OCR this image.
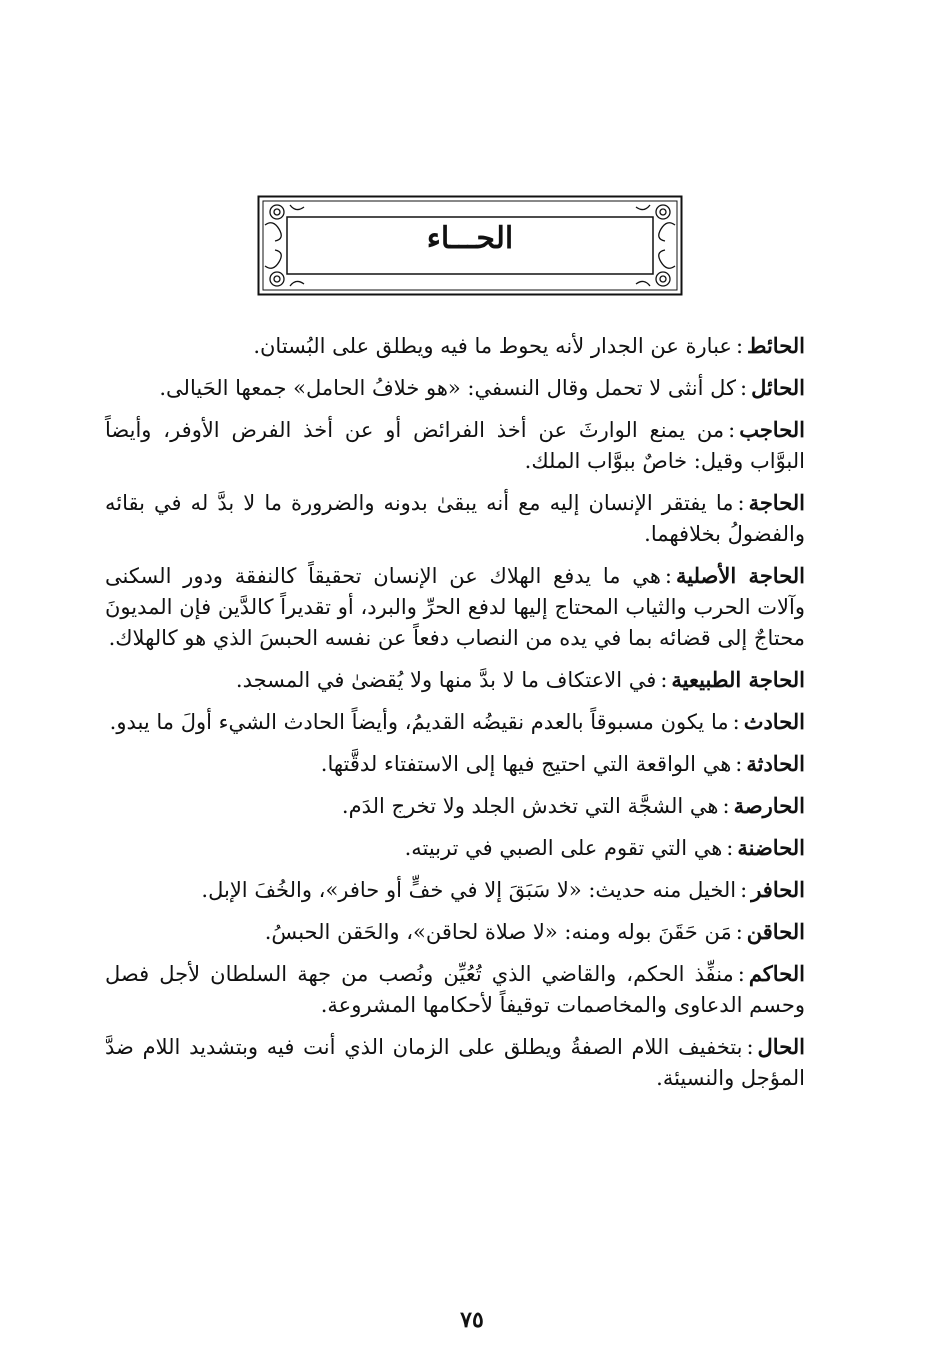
الحـــاء

الحائط:عبارة عن الجدار لأنه يحوط ما فيه ويطلق على البُستان.

الحائل:كل أنثى لا تحمل وقال النسفي: «هو خلافُ الحامل» جمعها الحَيالى.

الحاجب:من يمنع الوارثَ عن أخذ الفرائض أو عن أخذ الفرض الأوفر، وأيضاً البوَّاب وقيل: خاصٌ ببوَّاب الملك.

الحاجة:ما يفتقر الإنسان إليه مع أنه يبقىٰ بدونه والضرورة ما لا بدَّ له في بقائه والفضولُ بخلافهما.

الحاجة الأصلية:هي ما يدفع الهلاك عن الإنسان تحقيقاً كالنفقة ودور السكنى وآلات الحرب والثياب المحتاج إليها لدفع الحرِّ والبرد، أو تقديراً كالدَّين فإن المديونَ محتاجٌ إلى قضائه بما في يده من النصاب دفعاً عن نفسه الحبسَ الذي هو كالهلاك.

الحاجة الطبيعية:في الاعتكاف ما لا بدَّ منها ولا يُقضىٰ في المسجد.

الحادث:ما يكون مسبوقاً بالعدم نقيضُه القديمُ، وأيضاً الحادث الشيء أولَ ما يبدو.

الحادثة:هي الواقعة التي احتيج فيها إلى الاستفتاء لدقَّتها.

الحارصة:هي الشجَّة التي تخدش الجلد ولا تخرج الدَم.

الحاضنة:هي التي تقوم على الصبي في تربيته.

الحافر:الخيل منه حديث: «لا سَبَقَ إلا في خفٍّ أو حافر»، والخُفَ الإبل.

الحاقن:مَن حَقَنَ بوله ومنه: «لا صلاة لحاقن»، والحَقن الحبسُ.

الحاكم:منفِّذ الحكم، والقاضي الذي تُعُيِّن ونُصب من جهة السلطان لأجل فصل وحسم الدعاوى والمخاصمات توقيفاً لأحكامها المشروعة.

الحال:بتخفيف اللام الصفةُ ويطلق على الزمان الذي أنت فيه وبتشديد اللام ضدَّ المؤجل والنسيئة.

٧٥
